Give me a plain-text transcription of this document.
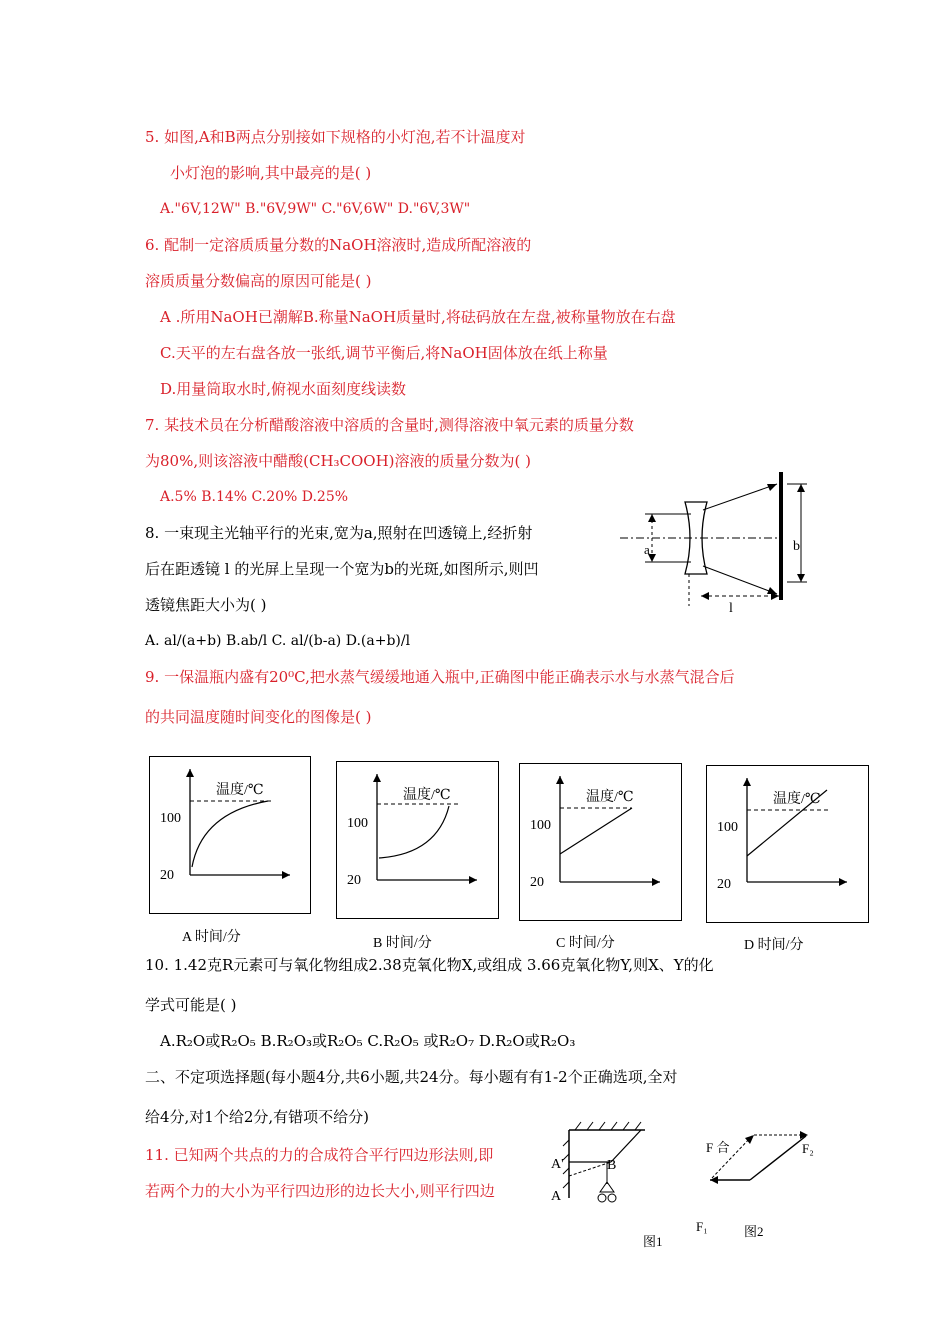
5. 如图,A和B两点分别接如下规格的小灯泡,若不计温度对
小灯泡的影响,其中最亮的是( )
A."6V,12W" B."6V,9W" C."6V,6W" D."6V,3W"
6. 配制一定溶质质量分数的NaOH溶液时,造成所配溶液的
溶质质量分数偏高的原因可能是( )
A .所用NaOH已潮解B.称量NaOH质量时,将砝码放在左盘,被称量物放在右盘
C.天平的左右盘各放一张纸,调节平衡后,将NaOH固体放在纸上称量
D.用量筒取水时,俯视水面刻度线读数
7. 某技术员在分析醋酸溶液中溶质的含量时,测得溶液中氧元素的质量分数
为80%,则该溶液中醋酸(CH₃COOH)溶液的质量分数为( )
A.5% B.14% C.20% D.25%
8. 一束现主光轴平行的光束,宽为a,照射在凹透镜上,经折射
后在距透镜 l 的光屏上呈现一个宽为b的光斑,如图所示,则凹
透镜焦距大小为( )
A. al/(a+b) B.ab/l C. al/(b-a) D.(a+b)/l
a	b
l
9. 一保温瓶内盛有20⁰C,把水蒸气缓缓地通入瓶中,正确图中能正确表示水与水蒸气混合后
的共同温度随时间变化的图像是( )
温度/℃
100
20
A 时间/分
温度/℃
100
20
B 时间/分
温度/℃
100
20
C 时间/分
温度/℃
100
20
D 时间/分
10. 1.42克R元素可与氧化物组成2.38克氧化物X,或组成 3.66克氧化物Y,则X、Y的化
学式可能是( )
A.R₂O或R₂O₅ B.R₂O₃或R₂O₅ C.R₂O₅ 或R₂O₇ D.R₂O或R₂O₃
二、不定项选择题(每小题4分,共6小题,共24分。每小题有有1-2个正确选项,全对
给4分,对1个给2分,有错项不给分)
11. 已知两个共点的力的合成符合平行四边形法则,即
若两个力的大小为平行四边形的边长大小,则平行四边
A'	B
A
图1
F 合	F₂
F₁	图2
